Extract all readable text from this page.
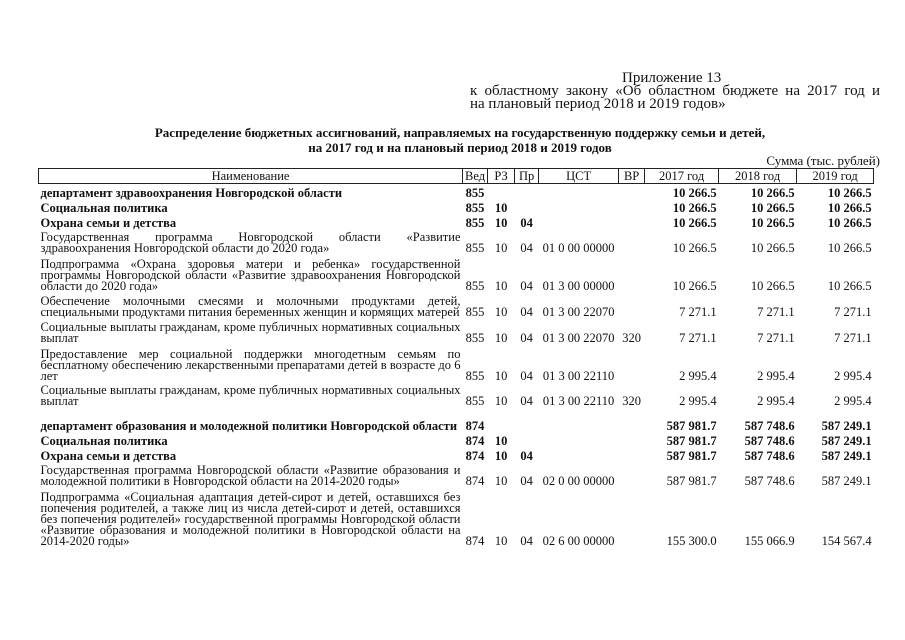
Приложение 13
к областному закону «Об областном бюджете на 2017 год и
на плановый период 2018 и 2019 годов»
Распределение бюджетных ассигнований, направляемых на государственную поддержку семьи и детей,
на 2017 год и на плановый период 2018 и 2019 годов
Сумма (тыс. рублей)
Наименование	Вед	РЗ	Пр	ЦСТ	ВР	2017 год	2018 год	2019 год
департамент здравоохранения Новгородской области	855					10 266.5	10 266.5	10 266.5
Социальная политика	855	10				10 266.5	10 266.5	10 266.5
Охрана семьи и детства	855	10	04			10 266.5	10 266.5	10 266.5
Государственная программа Новгородской области «Развитие здравоохранения Новгородской области до 2020 года»	855	10	04	01 0 00 00000		10 266.5	10 266.5	10 266.5
Подпрограмма «Охрана здоровья матери и ребенка» государственной программы Новгородской области «Развитие здравоохранения Новгородской области до 2020 года»	855	10	04	01 3 00 00000		10 266.5	10 266.5	10 266.5
Обеспечение молочными смесями и молочными продуктами детей, специальными продуктами питания беременных женщин и кормящих матерей	855	10	04	01 3 00 22070		7 271.1	7 271.1	7 271.1
Социальные выплаты гражданам, кроме публичных нормативных социальных выплат	855	10	04	01 3 00 22070	320	7 271.1	7 271.1	7 271.1
Предоставление мер социальной поддержки многодетным семьям по бесплатному обеспечению лекарственными препаратами детей в возрасте до 6 лет	855	10	04	01 3 00 22110		2 995.4	2 995.4	2 995.4
Социальные выплаты гражданам, кроме публичных нормативных социальных выплат	855	10	04	01 3 00 22110	320	2 995.4	2 995.4	2 995.4
департамент образования и молодежной политики Новгородской области	874					587 981.7	587 748.6	587 249.1
Социальная политика	874	10				587 981.7	587 748.6	587 249.1
Охрана семьи и детства	874	10	04			587 981.7	587 748.6	587 249.1
Государственная программа Новгородской области «Развитие образования и молодежной политики в Новгородской области на 2014-2020 годы»	874	10	04	02 0 00 00000		587 981.7	587 748.6	587 249.1
Подпрограмма «Социальная адаптация детей-сирот и детей, оставшихся без попечения родителей, а также лиц из числа детей-сирот и детей, оставшихся без попечения родителей» государственной программы Новгородской области «Развитие образования и молодежной политики в Новгородской области на 2014-2020 годы»	874	10	04	02 6 00 00000		155 300.0	155 066.9	154 567.4
